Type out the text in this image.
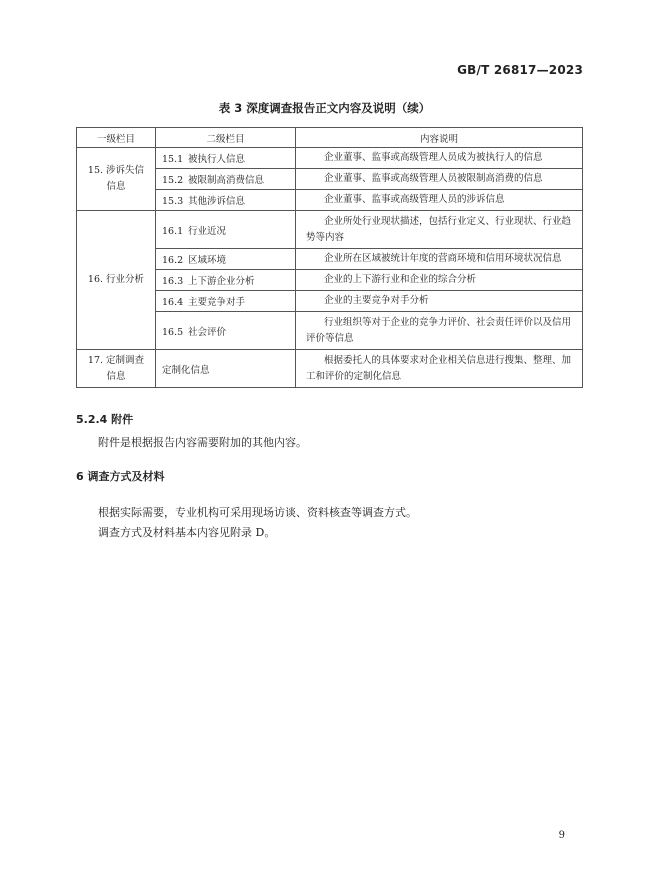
GB/T 26817—2023
表 3 深度调查报告正文内容及说明（续）
一级栏目	二级栏目	内容说明

15. 涉诉失信
信息	15.1 被执行人信息	企业董事、监事或高级管理人员成为被执行人的信息

	15.2 被限制高消费信息	企业董事、监事或高级管理人员被限制高消费的信息

	15.3 其他涉诉信息	企业董事、监事或高级管理人员的涉诉信息

16. 行业分析	16.1 行业近况	企业所处行业现状描述，包括行业定义、行业现状、行业趋势等内容

	16.2 区域环境	企业所在区域被统计年度的营商环境和信用环境状况信息

	16.3 上下游企业分析	企业的上下游行业和企业的综合分析

	16.4 主要竞争对手	企业的主要竞争对手分析

	16.5 社会评价	行业组织等对于企业的竞争力评价、社会责任评价以及信用评价等信息

17. 定制调查
信息	定制化信息	根据委托人的具体要求对企业相关信息进行搜集、整理、加工和评价的定制化信息
5.2.4 附件
附件是根据报告内容需要附加的其他内容。
6 调查方式及材料
根据实际需要，专业机构可采用现场访谈、资料核查等调查方式。
调查方式及材料基本内容见附录 D。
9
